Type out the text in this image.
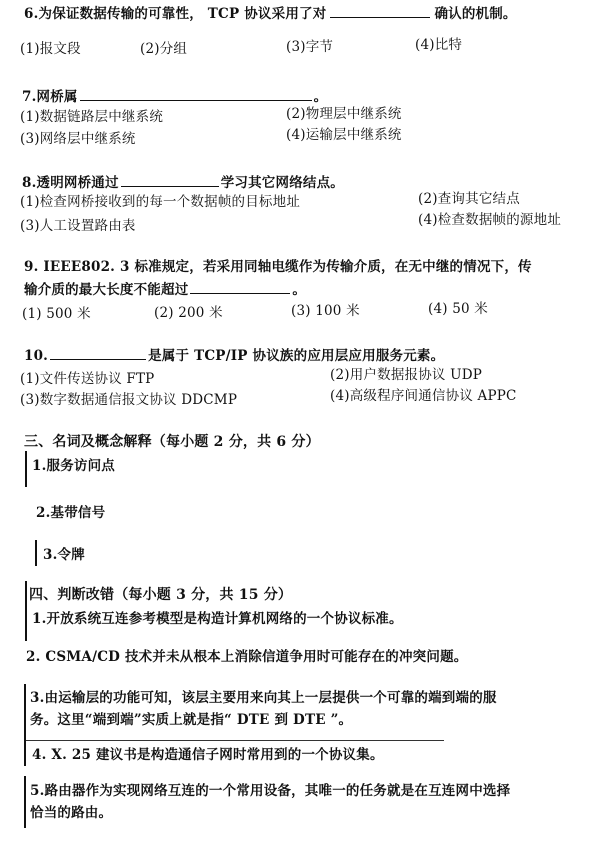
6.为保证数据传输的可靠性， TCP 协议采用了对	确认的机制。
(1)报文段	(2)分组	(3)字节	(4)比特
7.网桥属	。
(1)数据链路层中继系统	(2)物理层中继系统
(3)网络层中继系统	(4)运输层中继系统
8.透明网桥通过	学习其它网络结点。
(1)检查网桥接收到的每一个数据帧的目标地址	(2)查询其它结点
(3)人工设置路由表	(4)检查数据帧的源地址
9. IEEE802. 3 标准规定，若采用同轴电缆作为传输介质，在无中继的情况下，传
输介质的最大长度不能超过	。
(1) 500 米	(2) 200 米	(3) 100 米	(4) 50 米
10.	是属于 TCP/IP 协议族的应用层应用服务元素。
(1)文件传送协议 FTP	(2)用户数据报协议 UDP
(3)数字数据通信报文协议 DDCMP	(4)高级程序间通信协议 APPC
三、名词及概念解释（每小题 2 分，共 6 分）
1.服务访问点
2.基带信号
3.令牌
四、判断改错（每小题 3 分，共 15 分）
1.开放系统互连参考模型是构造计算机网络的一个协议标准。
2. CSMA/CD 技术并未从根本上消除信道争用时可能存在的冲突问题。
3.由运输层的功能可知，该层主要用来向其上一层提供一个可靠的端到端的服
务。这里“端到端”实质上就是指“ DTE 到 DTE ”。
4. X. 25 建议书是构造通信子网时常用到的一个协议集。
5.路由器作为实现网络互连的一个常用设备，其唯一的任务就是在互连网中选择
恰当的路由。
